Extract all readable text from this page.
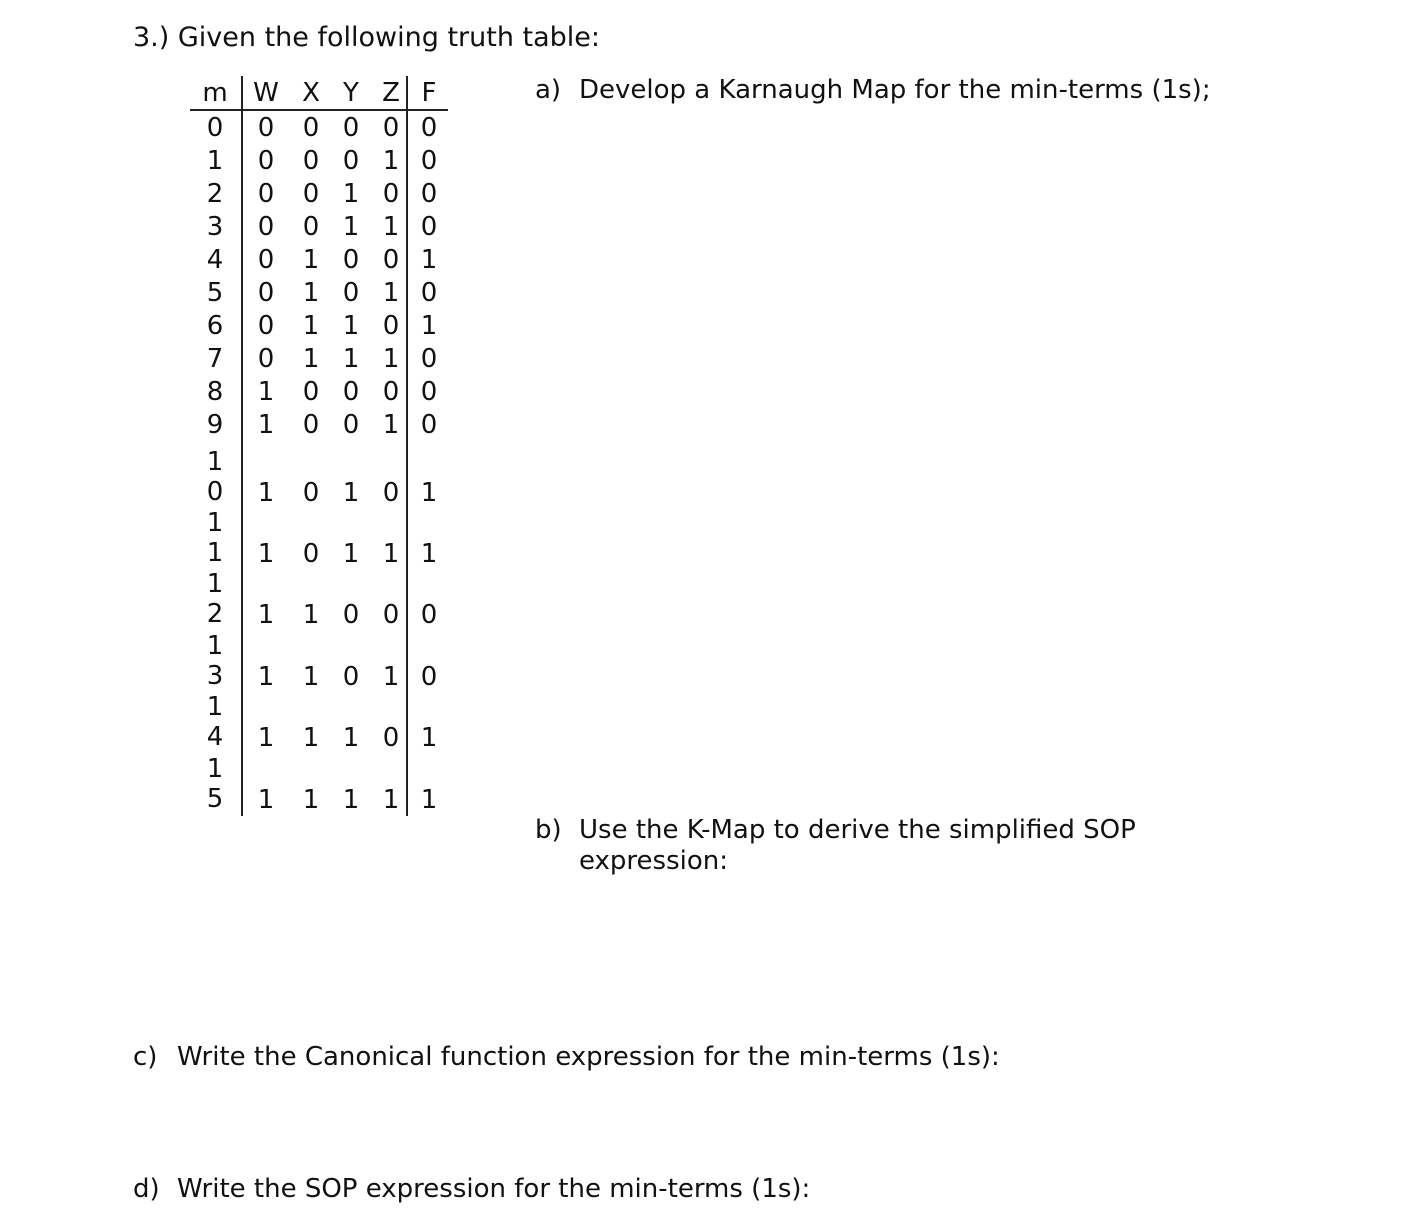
3.) Given the following truth table:
m W X Y Z F
0 0 0 0 0 0
1 0 0 0 1 0
2 0 0 1 0 0
3 0 0 1 1 0
4 0 1 0 0 1
5 0 1 0 1 0
6 0 1 1 0 1
7 0 1 1 1 0
8 1 0 0 0 0
9 1 0 0 1 0
10 1 0 1 0 1
11 1 0 1 1 1
12 1 1 0 0 0
13 1 1 0 1 0
14 1 1 1 0 1
15 1 1 1 1 1
a) Develop a Karnaugh Map for the min-terms (1s);
b) Use the K-Map to derive the simplified SOP expression:
c) Write the Canonical function expression for the min-terms (1s):
d) Write the SOP expression for the min-terms (1s):
